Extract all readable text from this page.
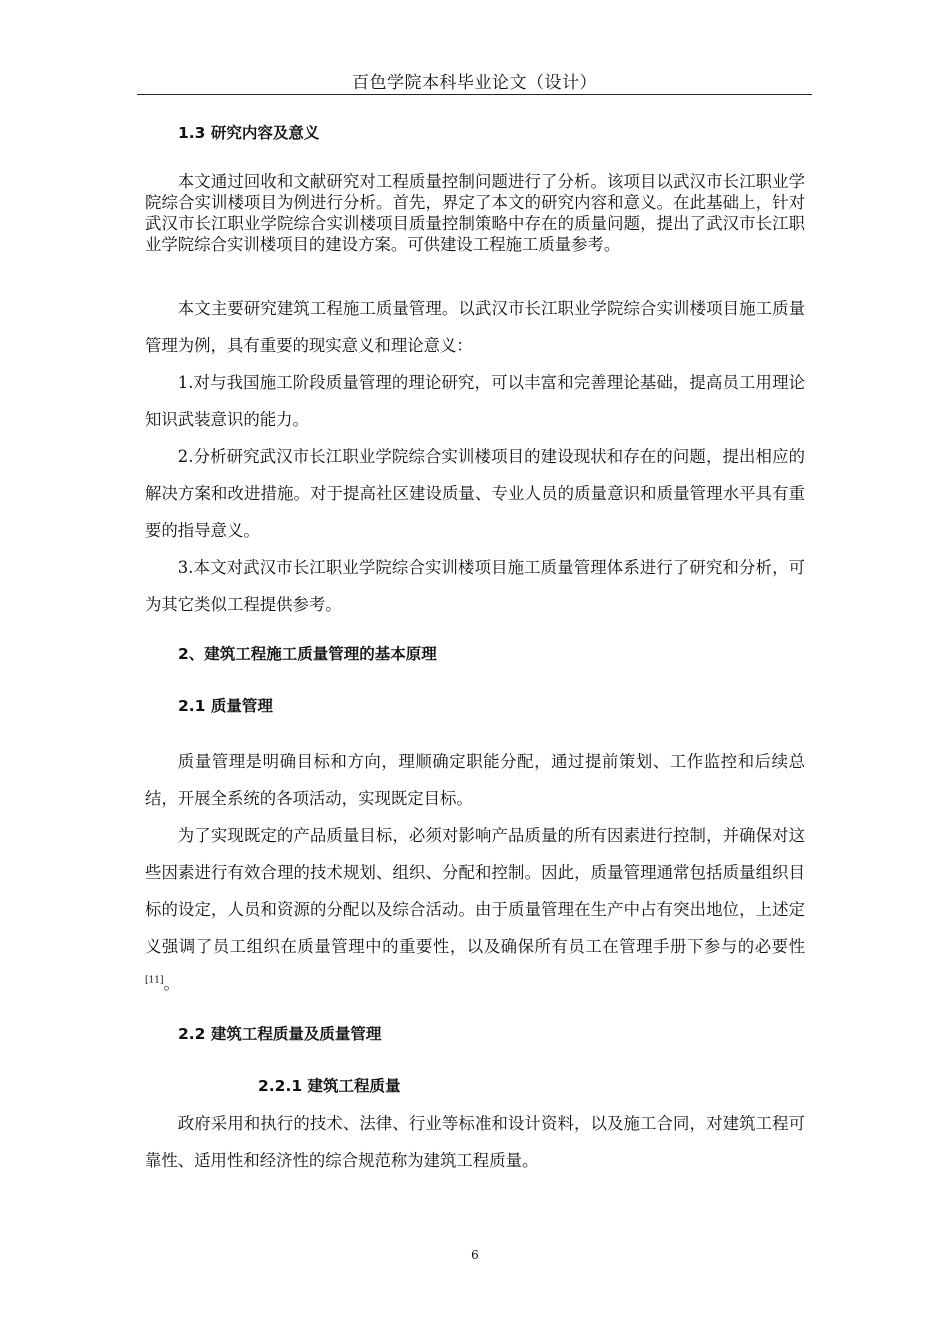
百色学院本科毕业论文（设计）
1.3 研究内容及意义

本文通过回收和文献研究对工程质量控制问题进行了分析。该项目以武汉市长江职业学院综合实训楼项目为例进行分析。首先，界定了本文的研究内容和意义。在此基础上，针对武汉市长江职业学院综合实训楼项目质量控制策略中存在的质量问题，提出了武汉市长江职业学院综合实训楼项目的建设方案。可供建设工程施工质量参考。

本文主要研究建筑工程施工质量管理。以武汉市长江职业学院综合实训楼项目施工质量管理为例，具有重要的现实意义和理论意义：

1.对与我国施工阶段质量管理的理论研究，可以丰富和完善理论基础，提高员工用理论知识武装意识的能力。

2.分析研究武汉市长江职业学院综合实训楼项目的建设现状和存在的问题，提出相应的解决方案和改进措施。对于提高社区建设质量、专业人员的质量意识和质量管理水平具有重要的指导意义。

3.本文对武汉市长江职业学院综合实训楼项目施工质量管理体系进行了研究和分析，可为其它类似工程提供参考。

2、建筑工程施工质量管理的基本原理
2.1 质量管理

质量管理是明确目标和方向，理顺确定职能分配，通过提前策划、工作监控和后续总结，开展全系统的各项活动，实现既定目标。

为了实现既定的产品质量目标，必须对影响产品质量的所有因素进行控制，并确保对这些因素进行有效合理的技术规划、组织、分配和控制。因此，质量管理通常包括质量组织目标的设定，人员和资源的分配以及综合活动。由于质量管理在生产中占有突出地位，上述定义强调了员工组织在质量管理中的重要性，以及确保所有员工在管理手册下参与的必要性[11]。

2.2 建筑工程质量及质量管理
2.2.1 建筑工程质量

政府采用和执行的技术、法律、行业等标准和设计资料，以及施工合同，对建筑工程可靠性、适用性和经济性的综合规范称为建筑工程质量。

6
